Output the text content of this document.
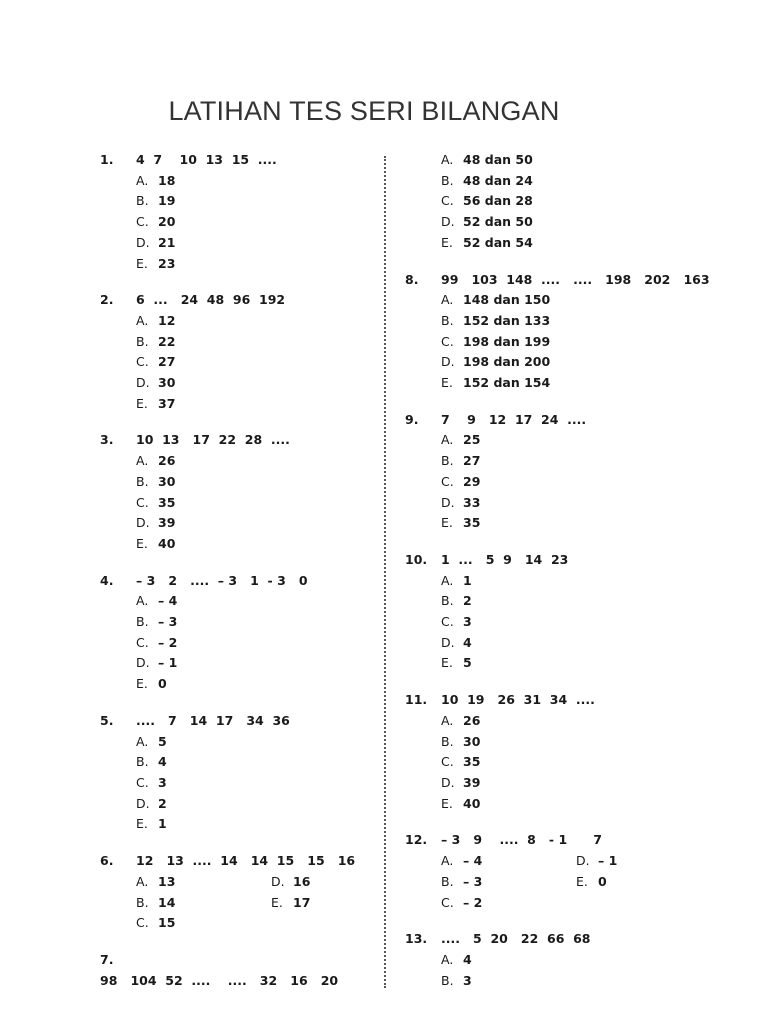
LATIHAN TES SERI BILANGAN
1. 4  7    10  13  15  ....
A. 18
B. 19
C. 20
D. 21
E. 23
2. 6  ...   24  48  96  192
A. 12
B. 22
C. 27
D. 30
E. 37
3. 10  13   17  22  28  ....
A. 26
B. 30
C. 35
D. 39
E. 40
4. – 3   2   ....  – 3   1  - 3   0
A. – 4
B. – 3
C. – 2
D. – 1
E. 0
5. ....   7   14  17   34  36
A. 5
B. 4
C. 3
D. 2
E. 1
6. 12   13  ....  14   14  15   15   16
A. 13	D. 16
B. 14	E. 17
C. 15
7.98   104  52  ....    ....   32   16   20
A. 48 dan 50
B. 48 dan 24
C. 56 dan 28
D. 52 dan 50
E. 52 dan 54
8. 99   103  148  ....   ....   198   202   163
A. 148 dan 150
B. 152 dan 133
C. 198 dan 199
D. 198 dan 200
E. 152 dan 154
9. 7    9   12  17  24  ....
A. 25
B. 27
C. 29
D. 33
E. 35
10. 1  ...   5  9   14  23
A. 1
B. 2
C. 3
D. 4
E. 5
11. 10  19   26  31  34  ....
A. 26
B. 30
C. 35
D. 39
E. 40
12. – 3   9    ....  8   - 1      7
A. – 4	D. – 1
B. – 3	E. 0
C. – 2
13. ....   5  20   22  66  68
A. 4
B. 3
